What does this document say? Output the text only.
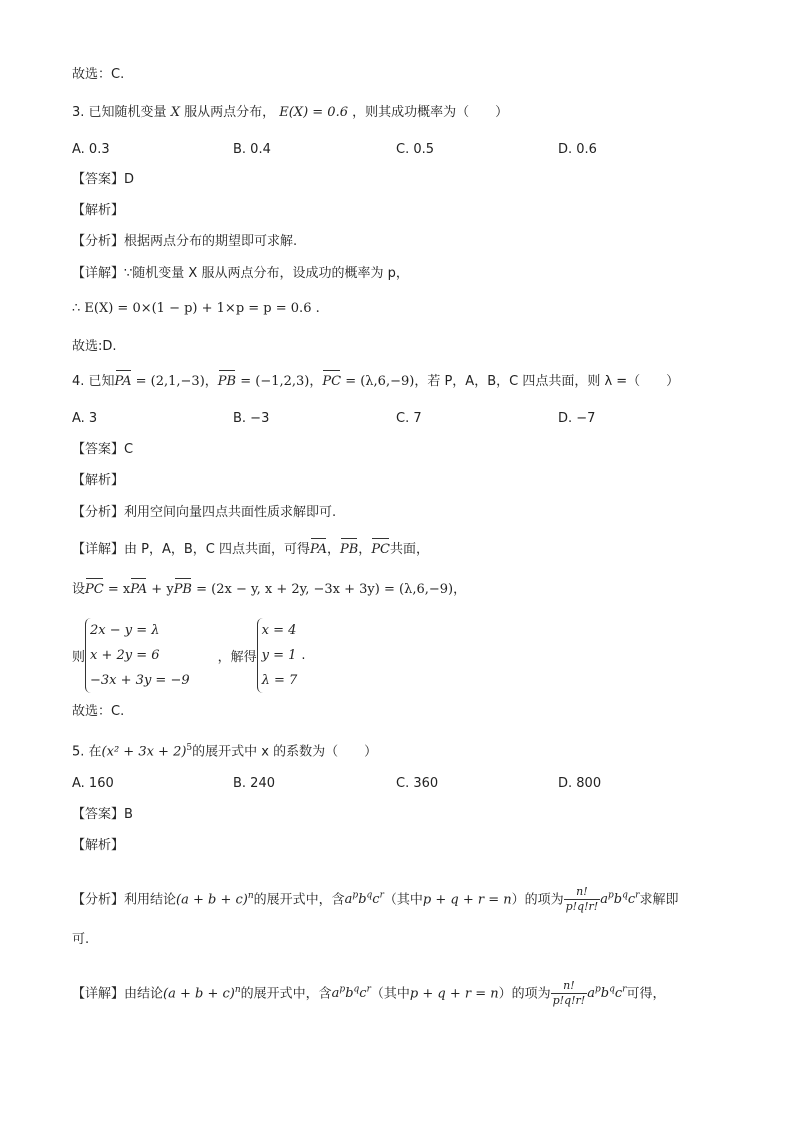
故选：C.
3. 已知随机变量 X 服从两点分布， E(X) = 0.6 ，则其成功概率为（　　）
A. 0.3	B. 0.4	C. 0.5	D. 0.6
【答案】D
【解析】
【分析】根据两点分布的期望即可求解.
【详解】∵随机变量 X 服从两点分布，设成功的概率为 p，
∴ E(X) = 0×(1 − p) + 1×p = p = 0.6 .
故选:D.
4. 已知PA = (2,1,−3)，PB = (−1,2,3)，PC = (λ,6,−9)，若 P，A，B，C 四点共面，则 λ =（　　）
A. 3	B. −3	C. 7	D. −7
【答案】C
【解析】
【分析】利用空间向量四点共面性质求解即可.
【详解】由 P，A，B，C 四点共面，可得PA，PB，PC共面，
设PC = xPA + yPB = (2x − y, x + 2y, −3x + 3y) = (λ,6,−9)，
则2x − y = λ
x + 2y = 6
−3x + 3y = −9，解得x = 4
y = 1
λ = 7 .
故选：C.
5. 在$(x^2 + 3x + 2)^5$的展开式中 x 的系数为（　　）
A. 160	B. 240	C. 360	D. 800
【答案】B
【解析】
【分析】利用结论$(a + b + c)^n$的展开式中，含$a^pb^qc^r$（其中p + q + r = n）的项为 $\frac{n!}{p!q!r!} a^pb^qc^r$求解即
可.
【详解】由结论$(a + b + c)^n$的展开式中，含$a^pb^qc^r$（其中p + q + r = n）的项为 $\frac{n!}{p!q!r!} a^pb^qc^r$可得，
